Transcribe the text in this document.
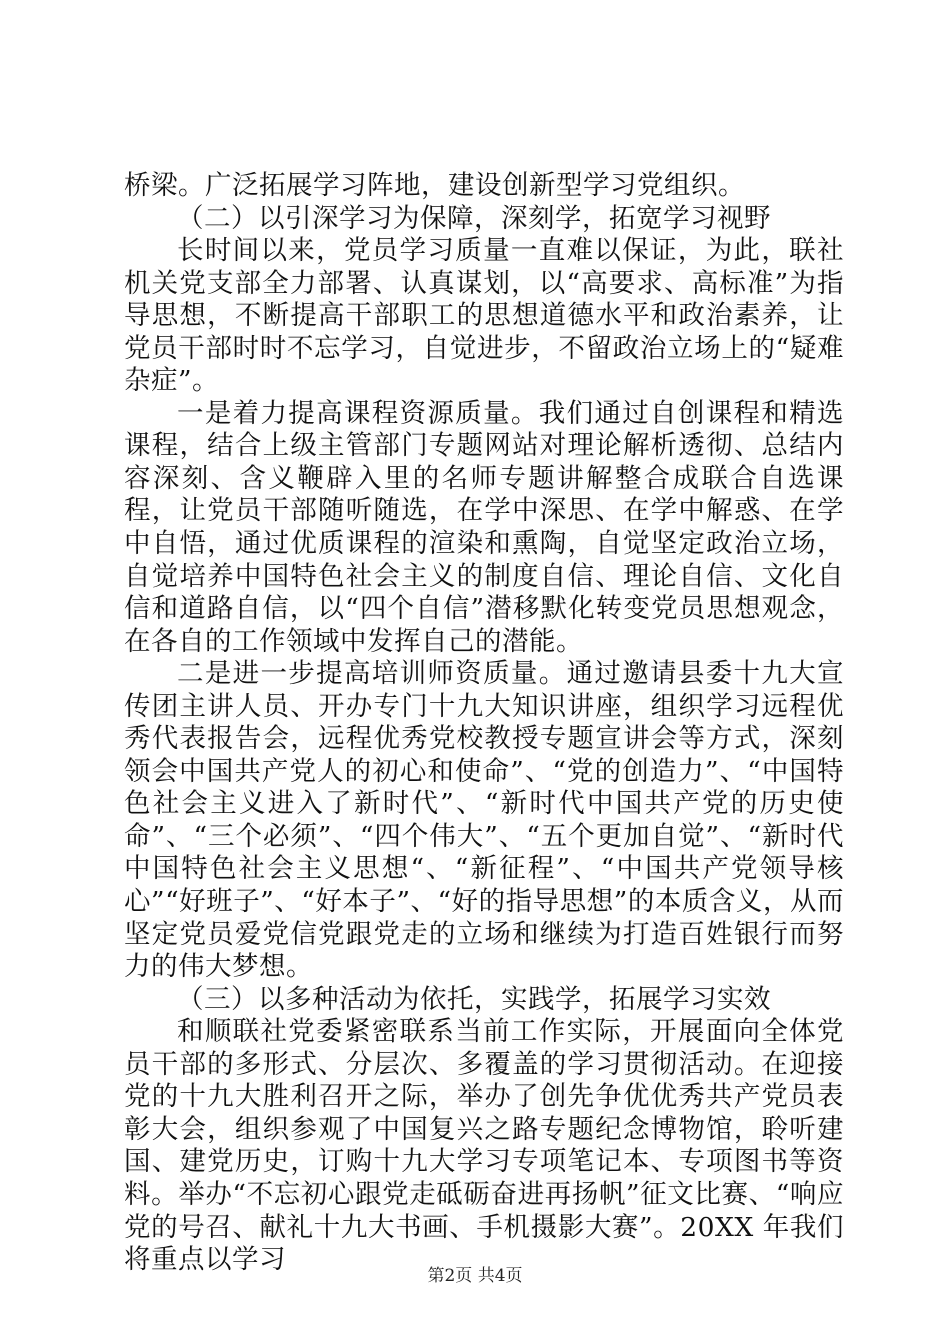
桥梁。广泛拓展学习阵地，建设创新型学习党组织。

（二）以引深学习为保障，深刻学，拓宽学习视野

长时间以来，党员学习质量一直难以保证，为此，联社机关党支部全力部署、认真谋划，以“高要求、高标准”为指导思想，不断提高干部职工的思想道德水平和政治素养，让党员干部时时不忘学习，自觉进步，不留政治立场上的“疑难杂症”。

一是着力提高课程资源质量。我们通过自创课程和精选课程，结合上级主管部门专题网站对理论解析透彻、总结内容深刻、含义鞭辟入里的名师专题讲解整合成联合自选课程，让党员干部随听随选，在学中深思、在学中解惑、在学中自悟，通过优质课程的渲染和熏陶，自觉坚定政治立场，自觉培养中国特色社会主义的制度自信、理论自信、文化自信和道路自信，以“四个自信”潜移默化转变党员思想观念，在各自的工作领域中发挥自己的潜能。

二是进一步提高培训师资质量。通过邀请县委十九大宣传团主讲人员、开办专门十九大知识讲座，组织学习远程优秀代表报告会，远程优秀党校教授专题宣讲会等方式，深刻领会中国共产党人的初心和使命”、“党的创造力”、“中国特色社会主义进入了新时代”、“新时代中国共产党的历史使命”、“三个必须”、“四个伟大”、“五个更加自觉”、“新时代中国特色社会主义思想“、“新征程”、“中国共产党领导核心”“好班子”、“好本子”、“好的指导思想”的本质含义，从而坚定党员爱党信党跟党走的立场和继续为打造百姓银行而努力的伟大梦想。

（三）以多种活动为依托，实践学，拓展学习实效

和顺联社党委紧密联系当前工作实际，开展面向全体党员干部的多形式、分层次、多覆盖的学习贯彻活动。在迎接党的十九大胜利召开之际，举办了创先争优优秀共产党员表彰大会，组织参观了中国复兴之路专题纪念博物馆，聆听建国、建党历史，订购十九大学习专项笔记本、专项图书等资料。举办“不忘初心跟党走砥砺奋进再扬帆”征文比赛、“响应党的号召、献礼十九大书画、手机摄影大赛”。20XX 年我们将重点以学习

第2页 共4页
